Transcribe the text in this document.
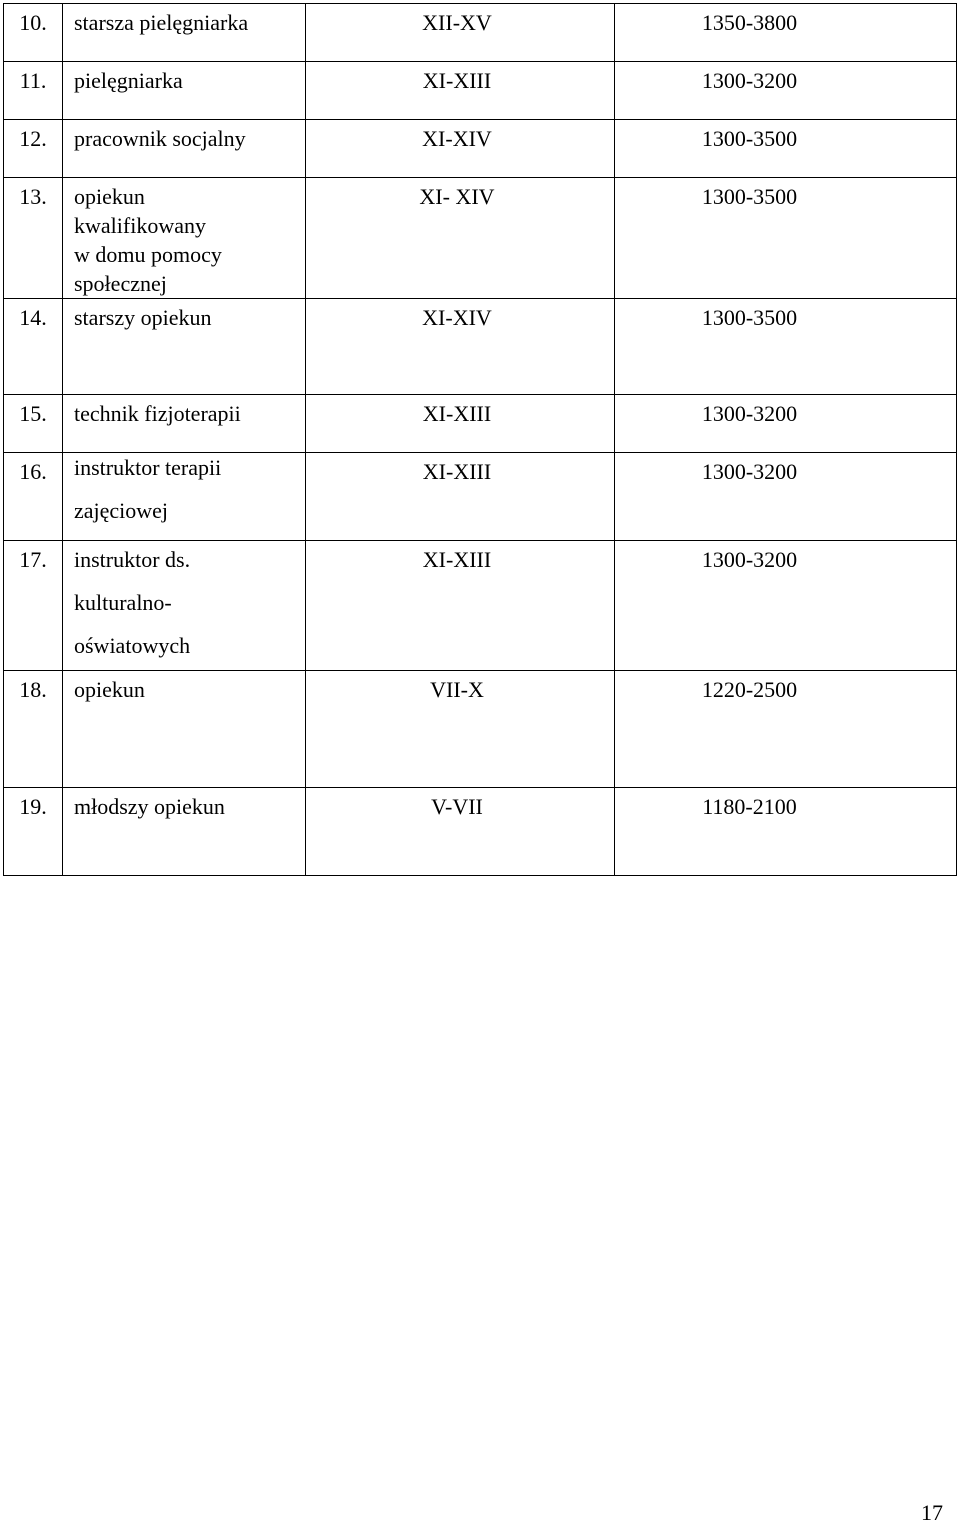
10.	starsza pielęgniarka	XII-XV	1350-3800
11.	pielęgniarka	XI-XIII	1300-3200
12.	pracownik socjalny	XI-XIV	1300-3500
13.	opiekun
kwalifikowany
w domu pomocy
społecznej	XI- XIV	1300-3500
14.	starszy opiekun	XI-XIV	1300-3500
15.	technik fizjoterapii	XI-XIII	1300-3200
16.	instruktor terapii
zajęciowej	XI-XIII	1300-3200
17.	instruktor ds.
kulturalno-
oświatowych	XI-XIII	1300-3200
18.	opiekun	VII-X	1220-2500
19.	młodszy opiekun	V-VII	1180-2100
17
